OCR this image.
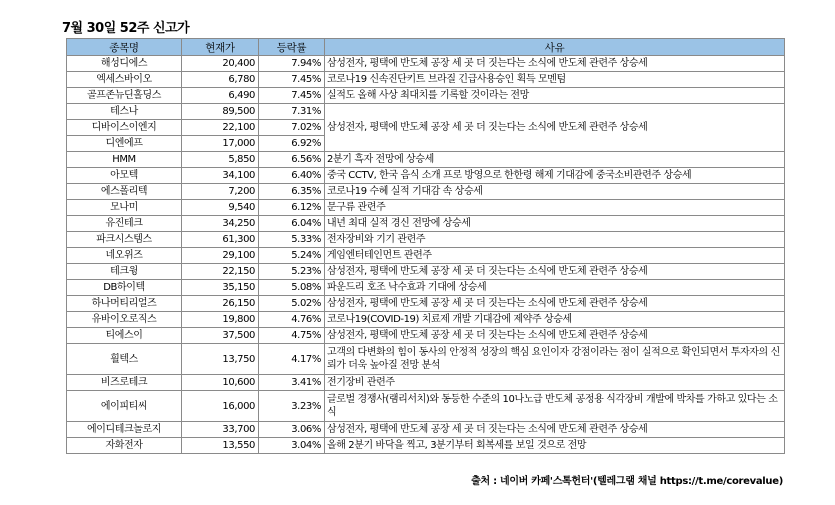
7월 30일 52주 신고가
종목명	현재가	등락률	사유
해성디에스	20,400	7.94%	삼성전자, 평택에 반도체 공장 세 곳 더 짓는다는 소식에 반도체 관련주 상승세
엑세스바이오	6,780	7.45%	코로나19 신속진단키트 브라질 긴급사용승인 획득 모멘텀
골프존뉴딘홀딩스	6,490	7.45%	실적도 올해 사상 최대치를 기록할 것이라는 전망
테스나	89,500	7.31%	삼성전자, 평택에 반도체 공장 세 곳 더 짓는다는 소식에 반도체 관련주 상승세
디바이스이엔지	22,100	7.02%	
디엔에프	17,000	6.92%	
HMM	5,850	6.56%	2분기 흑자 전망에 상승세
아모텍	34,100	6.40%	중국 CCTV, 한국 음식 소개 프로 방영으로 한한령 해제 기대감에 중국소비관련주 상승세
에스폴리텍	7,200	6.35%	코로나19 수혜 실적 기대감 속 상승세
모나미	9,540	6.12%	문구류 관련주
유진테크	34,250	6.04%	내년 최대 실적 경신 전망에 상승세
파크시스템스	61,300	5.33%	전자장비와 기기 관련주
네오위즈	29,100	5.24%	게임엔터테인먼트 관련주
테크윙	22,150	5.23%	삼성전자, 평택에 반도체 공장 세 곳 더 짓는다는 소식에 반도체 관련주 상승세
DB하이텍	35,150	5.08%	파운드리 호조 낙수효과 기대에 상승세
하나머티리얼즈	26,150	5.02%	삼성전자, 평택에 반도체 공장 세 곳 더 짓는다는 소식에 반도체 관련주 상승세
유바이오로직스	19,800	4.76%	코로나19(COVID-19) 치료제 개발 기대감에 제약주 상승세
티에스이	37,500	4.75%	삼성전자, 평택에 반도체 공장 세 곳 더 짓는다는 소식에 반도체 관련주 상승세
휠텍스	13,750	4.17%	고객의 다변화의 힘이 동사의 안정적 성장의 핵심 요인이자 강점이라는 점이 실적으로 확인되면서 투자자의 신뢰가 더욱 높아질 전망 분석
비즈로테크	10,600	3.41%	전기장비 관련주
에이피티씨	16,000	3.23%	글로벌 경쟁사(램리서치)와 동등한 수준의 10나노급 반도체 공정용 식각장비 개발에 박차를 가하고 있다는 소식
에이디테크놀로지	33,700	3.06%	삼성전자, 평택에 반도체 공장 세 곳 더 짓는다는 소식에 반도체 관련주 상승세
자화전자	13,550	3.04%	올해 2분기 바닥을 찍고, 3분기부터 회복세를 보일 것으로 전망
출처 : 네이버 카페'스톡헌터'(텔레그램 채널 https://t.me/corevalue)
